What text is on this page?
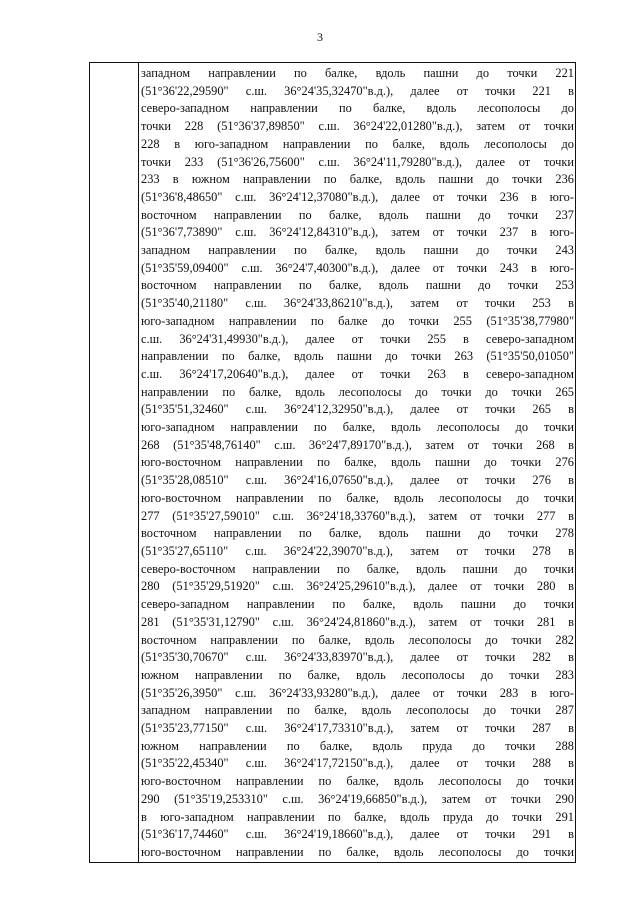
3

западном направлении по балке, вдоль пашни до точки 221
(51°36'22,29590" с.ш. 36°24'35,32470"в.д.), далее от точки 221 в
северо-западном направлении по балке, вдоль лесополосы до
точки 228 (51°36'37,89850" с.ш. 36°24'22,01280"в.д.), затем от точки
228 в юго-западном направлении по балке, вдоль лесополосы до
точки 233 (51°36'26,75600" с.ш. 36°24'11,79280"в.д.), далее от точки
233 в южном направлении по балке, вдоль пашни до точки 236
(51°36'8,48650" с.ш. 36°24'12,37080"в.д.), далее от точки 236 в юго-
восточном направлении по балке, вдоль пашни до точки 237
(51°36'7,73890" с.ш. 36°24'12,84310"в.д.), затем от точки 237 в юго-
западном направлении по балке, вдоль пашни до точки 243
(51°35'59,09400" с.ш. 36°24'7,40300"в.д.), далее от точки 243 в юго-
восточном направлении по балке, вдоль пашни до точки 253
(51°35'40,21180" с.ш. 36°24'33,86210"в.д.), затем от точки 253 в
юго-западном направлении по балке до точки 255 (51°35'38,77980"
с.ш. 36°24'31,49930"в.д.), далее от точки 255 в северо-западном
направлении по балке, вдоль пашни до точки 263 (51°35'50,01050"
с.ш. 36°24'17,20640"в.д.), далее от точки 263 в северо-западном
направлении по балке, вдоль лесополосы до точки до точки 265
(51°35'51,32460" с.ш. 36°24'12,32950"в.д.), далее от точки 265 в
юго-западном направлении по балке, вдоль лесополосы до точки
268 (51°35'48,76140" с.ш. 36°24'7,89170"в.д.), затем от точки 268 в
юго-восточном направлении по балке, вдоль пашни до точки 276
(51°35'28,08510" с.ш. 36°24'16,07650"в.д.), далее от точки 276 в
юго-восточном направлении по балке, вдоль лесополосы до точки
277 (51°35'27,59010" с.ш. 36°24'18,33760"в.д.), затем от точки 277 в
восточном направлении по балке, вдоль пашни до точки 278
(51°35'27,65110" с.ш. 36°24'22,39070"в.д.), затем от точки 278 в
северо-восточном направлении по балке, вдоль пашни до точки
280 (51°35'29,51920" с.ш. 36°24'25,29610"в.д.), далее от точки 280 в
северо-западном направлении по балке, вдоль пашни до точки
281 (51°35'31,12790" с.ш. 36°24'24,81860"в.д.), затем от точки 281 в
восточном направлении по балке, вдоль лесополосы до точки 282
(51°35'30,70670" с.ш. 36°24'33,83970"в.д.), далее от точки 282 в
южном направлении по балке, вдоль лесополосы до точки 283
(51°35'26,3950" с.ш. 36°24'33,93280"в.д.), далее от точки 283 в юго-
западном направлении по балке, вдоль лесополосы до точки 287
(51°35'23,77150" с.ш. 36°24'17,73310"в.д.), затем от точки 287 в
южном направлении по балке, вдоль пруда до точки 288
(51°35'22,45340" с.ш. 36°24'17,72150"в.д.), далее от точки 288 в
юго-восточном направлении по балке, вдоль лесополосы до точки
290 (51°35'19,253310" с.ш. 36°24'19,66850"в.д.), затем от точки 290
в юго-западном направлении по балке, вдоль пруда до точки 291
(51°36'17,74460" с.ш. 36°24'19,18660"в.д.), далее от точки 291 в
юго-восточном направлении по балке, вдоль лесополосы до точки
